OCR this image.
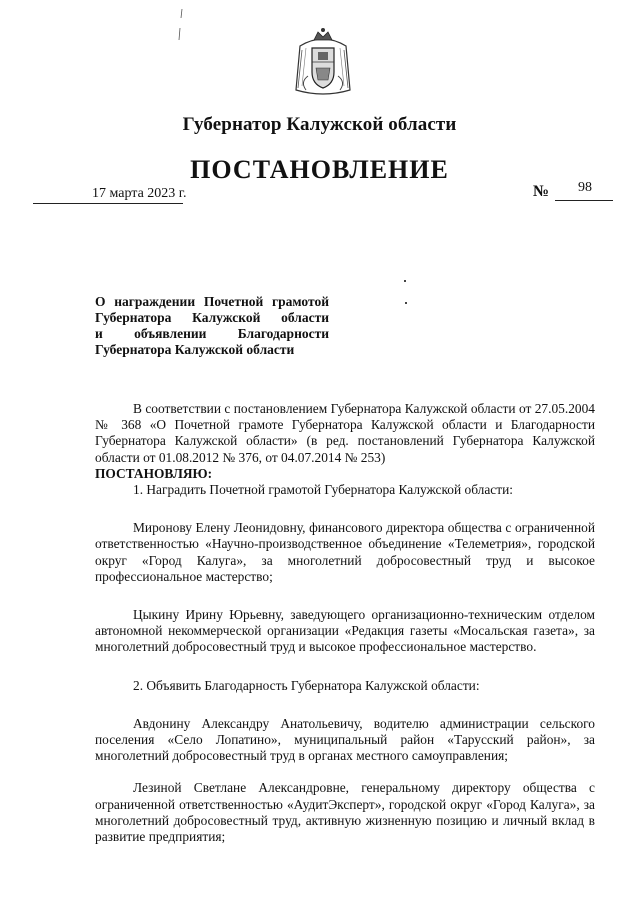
Губернатор Калужской области
ПОСТАНОВЛЕНИЕ
17 марта 2023 г.	№ 98
О награждении Почетной грамотой
Губернатора Калужской области
и объявлении Благодарности
Губернатора Калужской области

В соответствии с постановлением Губернатора Калужской области от 27.05.2004 № 368 «О Почетной грамоте Губернатора Калужской области и Благодарности Губернатора Калужской области» (в ред. постановлений Губернатора Калужской области от 01.08.2012 № 376, от 04.07.2014 № 253)

ПОСТАНОВЛЯЮ:

1. Наградить Почетной грамотой Губернатора Калужской области:

Миронову Елену Леонидовну, финансового директора общества с ограниченной ответственностью «Научно-производственное объединение «Телеметрия», городской округ «Город Калуга», за многолетний добросовестный труд и высокое профессиональное мастерство;

Цыкину Ирину Юрьевну, заведующего организационно-техническим отделом автономной некоммерческой организации «Редакция газеты «Мосальская газета», за многолетний добросовестный труд и высокое профессиональное мастерство.

2. Объявить Благодарность Губернатора Калужской области:

Авдонину Александру Анатольевичу, водителю администрации сельского поселения «Село Лопатино», муниципальный район «Тарусский район», за многолетний добросовестный труд в органах местного самоуправления;

Лезиной Светлане Александровне, генеральному директору общества с ограниченной ответственностью «АудитЭксперт», городской округ «Город Калуга», за многолетний добросовестный труд, активную жизненную позицию и личный вклад в развитие предприятия;
